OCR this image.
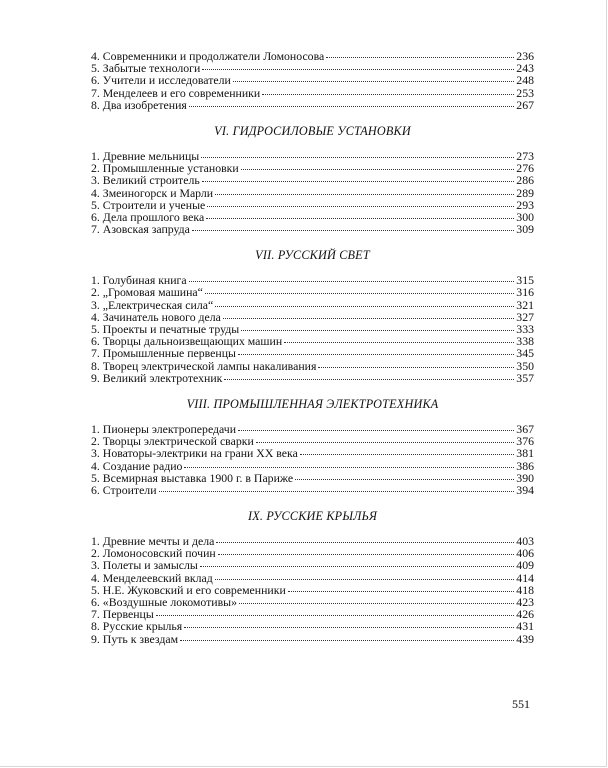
4. Современники и продолжатели Ломоносова	236
5. Забытые технологи	243
6. Учители и исследователи	248
7. Менделеев и его современники	253
8. Два изобретения	267
VI. ГИДРОСИЛОВЫЕ УСТАНОВКИ
1. Древние мельницы	273
2. Промышленные установки	276
3. Великий строитель	286
4. Змеиногорск и Марли	289
5. Строители и ученые	293
6. Дела прошлого века	300
7. Азовская запруда	309
VII. РУССКИЙ СВЕТ
1. Голубиная книга	315
2. „Громовая машина“	316
3. „Електрическая сила“	321
4. Зачинатель нового дела	327
5. Проекты и печатные труды	333
6. Творцы дальноизвещающих машин	338
7. Промышленные первенцы	345
8. Творец электрической лампы накаливания	350
9. Великий электротехник	357
VIII. ПРОМЫШЛЕННАЯ ЭЛЕКТРОТЕХНИКА
1. Пионеры электропередачи	367
2. Творцы электрической сварки	376
3. Новаторы-электрики на грани XX века	381
4. Создание радио	386
5. Всемирная выставка 1900 г. в Париже	390
6. Строители	394
IX. РУССКИЕ КРЫЛЬЯ
1. Древние мечты и дела	403
2. Ломоносовский почин	406
3. Полеты и замыслы	409
4. Менделеевский вклад	414
5. Н.Е. Жуковский и его современники	418
6. «Воздушные локомотивы»	423
7. Первенцы	426
8. Русские крылья	431
9. Путь к звездам	439
551
